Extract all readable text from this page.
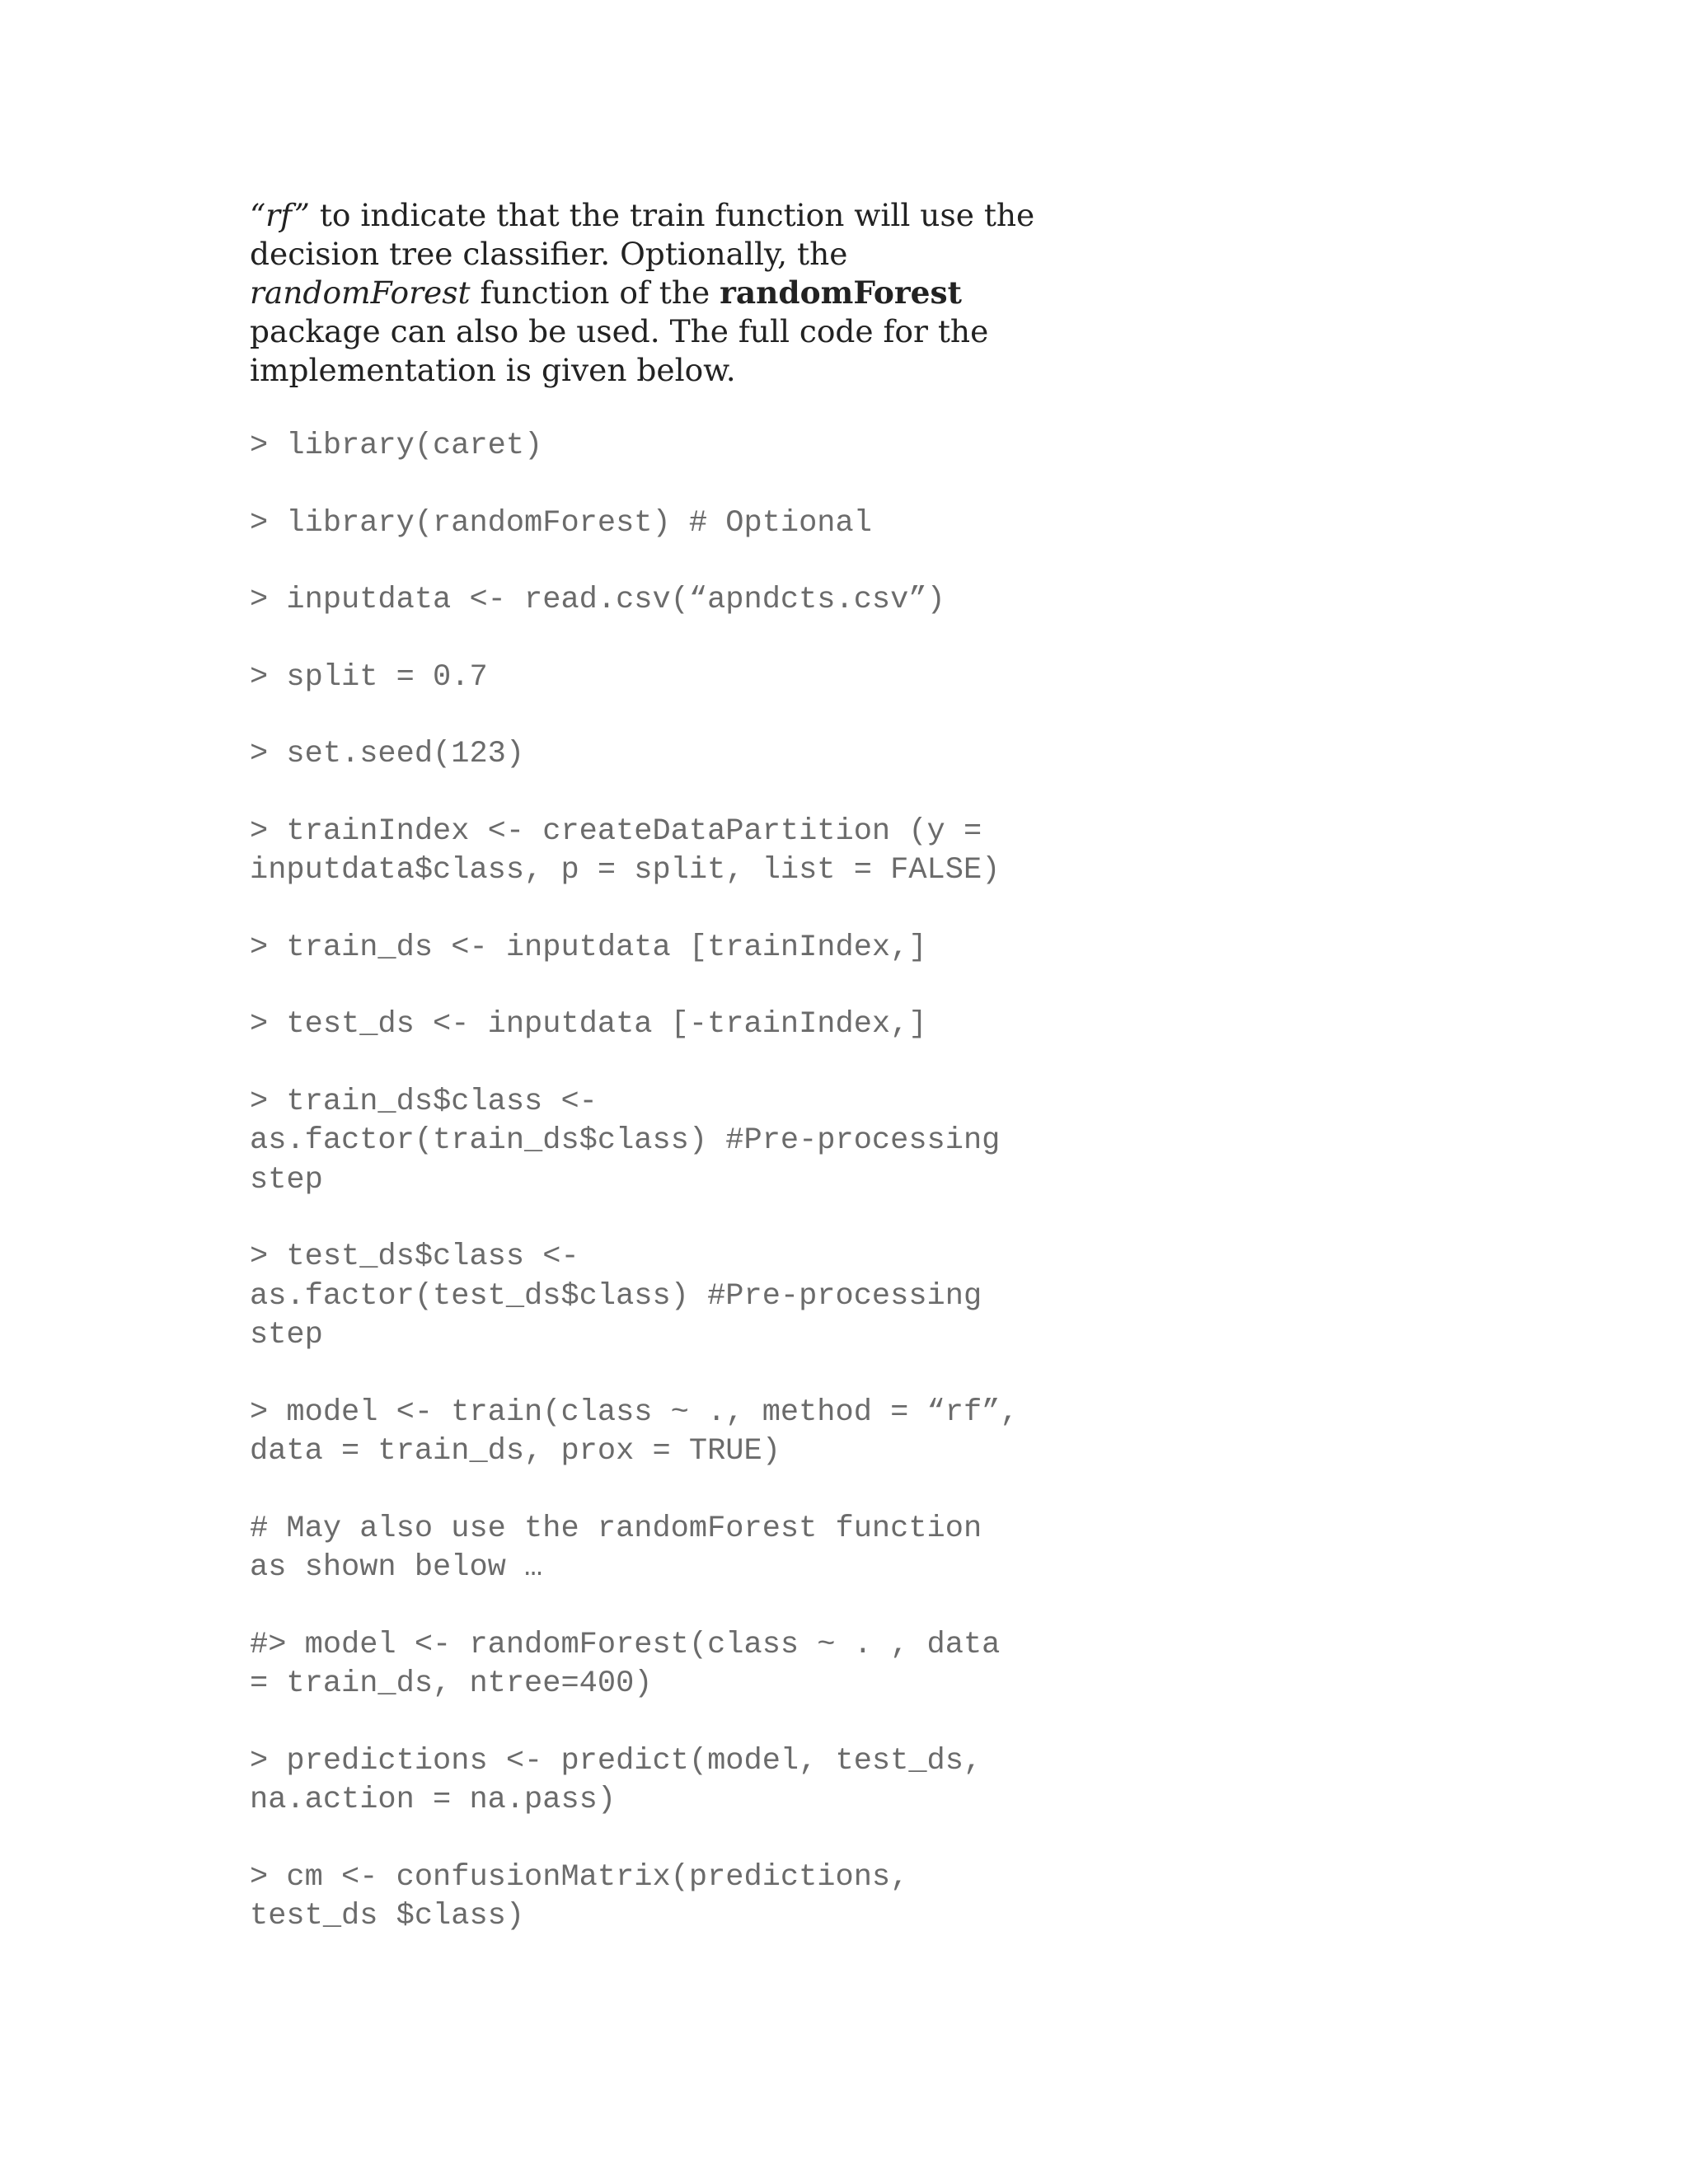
“rf” to indicate that the train function will use the decision tree classifier. Optionally, the randomForest function of the randomForest package can also be used. The full code for the implementation is given below.

> library(caret)
> library(randomForest) # Optional
> inputdata <- read.csv(“apndcts.csv”)
> split = 0.7
> set.seed(123)
> trainIndex <- createDataPartition (y =
inputdata$class, p = split, list = FALSE)
> train_ds <- inputdata [trainIndex,]
> test_ds <- inputdata [-trainIndex,]
> train_ds$class <-
as.factor(train_ds$class) #Pre-processing
step
> test_ds$class <-
as.factor(test_ds$class) #Pre-processing
step
> model <- train(class ~ ., method = “rf”,
data = train_ds, prox = TRUE)
# May also use the randomForest function
as shown below …
#> model <- randomForest(class ~ . , data
= train_ds, ntree=400)
> predictions <- predict(model, test_ds,
na.action = na.pass)
> cm <- confusionMatrix(predictions,
test_ds $class)
